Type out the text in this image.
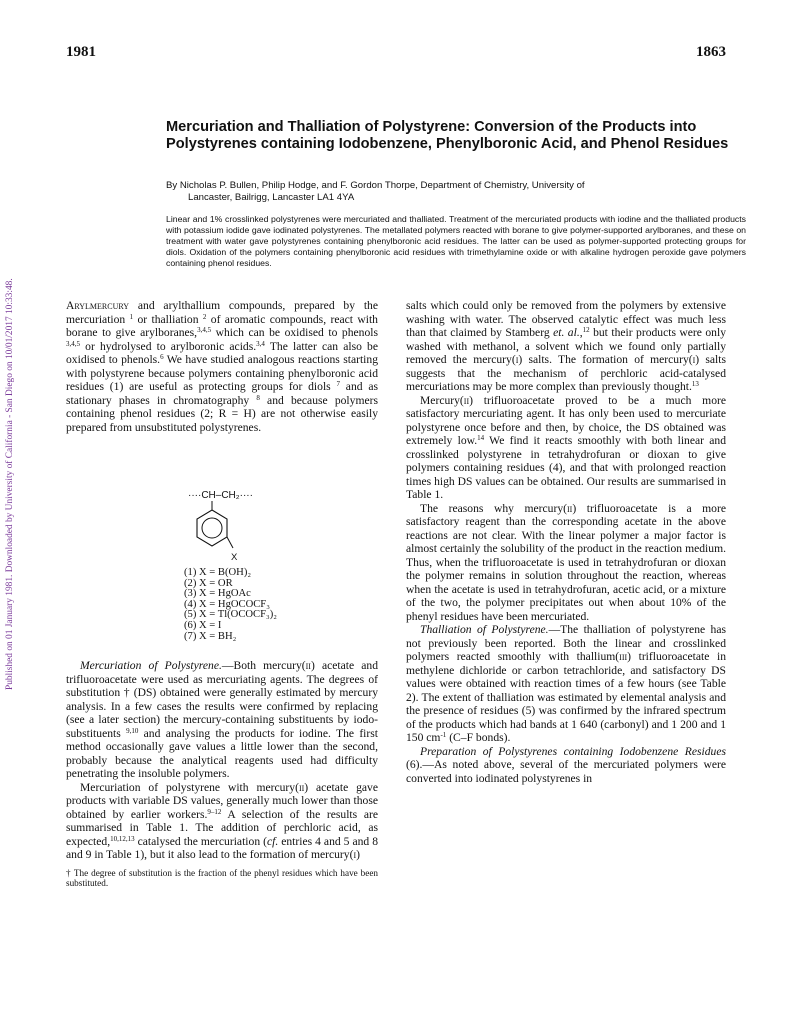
1981	1863
Published on 01 January 1981. Downloaded by University of California - San Diego on 10/01/2017 10:33:48.
Mercuriation and Thalliation of Polystyrene: Conversion of the Products into Polystyrenes containing Iodobenzene, Phenylboronic Acid, and Phenol Residues
By Nicholas P. Bullen, Philip Hodge, and F. Gordon Thorpe, Department of Chemistry, University of
Lancaster, Bailrigg, Lancaster LA1 4YA
Linear and 1% crosslinked polystyrenes were mercuriated and thalliated. Treatment of the mercuriated products with iodine and the thalliated products with potassium iodide gave iodinated polystyrenes. The metallated polymers reacted with borane to give polymer-supported arylboranes, and these on treatment with water gave polystyrenes containing phenylboronic acid residues. The latter can be used as polymer-supported protecting groups for diols. Oxidation of the polymers containing phenylboronic acid residues with trimethylamine oxide or with alkaline hydrogen peroxide gave polymers containing phenol residues.

Arylmercury and arylthallium compounds, prepared by the mercuriation $^1$ or thalliation $^2$ of aromatic compounds, react with borane to give arylboranes,$^{3,4,5}$ which can be oxidised to phenols $^{3,4,5}$ or hydrolysed to arylboronic acids.$^{3,4}$ The latter can also be oxidised to phenols.$^6$ We have studied analogous reactions starting with polystyrene because polymers containing phenylboronic acid residues (1) are useful as protecting groups for diols $^7$ and as stationary phases in chromatography $^8$ and because polymers containing phenol residues (2; R = H) are not otherwise easily prepared from unsubstituted polystyrenes.

····CH–CH₂····
X
(1) X = B(OH)₂
(2) X = OR
(3) X = HgOAc
(4) X = HgOCOCF₃
(5) X = Tl(OCOCF₃)₂
(6) X = I
(7) X = BH₂

Mercuriation of Polystyrene.—Both mercury(ii) acetate and trifluoroacetate were used as mercuriating agents. The degrees of substitution † (DS) obtained were generally estimated by mercury analysis. In a few cases the results were confirmed by replacing (see a later section) the mercury-containing substituents by iodo-substituents $^{9,10}$ and analysing the products for iodine. The first method occasionally gave values a little lower than the second, probably because the analytical reagents used had difficulty penetrating the insoluble polymers.

Mercuriation of polystyrene with mercury(ii) acetate gave products with variable DS values, generally much lower than those obtained by earlier workers.$^{9-12}$ A selection of the results are summarised in Table 1. The addition of perchloric acid, as expected,$^{10,12,13}$ catalysed the mercuriation (cf. entries 4 and 5 and 8 and 9 in Table 1), but it also lead to the formation of mercury(i)

† The degree of substitution is the fraction of the phenyl residues which have been substituted.

salts which could only be removed from the polymers by extensive washing with water. The observed catalytic effect was much less than that claimed by Stamberg et. al.,$^{12}$ but their products were only washed with methanol, a solvent which we found only partially removed the mercury(i) salts. The formation of mercury(i) salts suggests that the mechanism of perchloric acid-catalysed mercuriations may be more complex than previously thought.$^{13}$

Mercury(ii) trifluoroacetate proved to be a much more satisfactory mercuriating agent. It has only been used to mercuriate polystyrene once before and then, by choice, the DS obtained was extremely low.$^{14}$ We find it reacts smoothly with both linear and crosslinked polystyrene in tetrahydrofuran or dioxan to give polymers containing residues (4), and that with prolonged reaction times high DS values can be obtained. Our results are summarised in Table 1.

The reasons why mercury(ii) trifluoroacetate is a more satisfactory reagent than the corresponding acetate in the above reactions are not clear. With the linear polymer a major factor is almost certainly the solubility of the product in the reaction medium. Thus, when the trifluoroacetate is used in tetrahydrofuran or dioxan the polymer remains in solution throughout the reaction, whereas when the acetate is used in tetrahydrofuran, acetic acid, or a mixture of the two, the polymer precipitates out when about 10% of the phenyl residues have been mercuriated.

Thalliation of Polystyrene.—The thalliation of polystyrene has not previously been reported. Both the linear and crosslinked polymers reacted smoothly with thallium(iii) trifluoroacetate in methylene dichloride or carbon tetrachloride, and satisfactory DS values were obtained with reaction times of a few hours (see Table 2). The extent of thalliation was estimated by elemental analysis and the presence of residues (5) was confirmed by the infrared spectrum of the products which had bands at 1 640 (carbonyl) and 1 200 and 1 150 $cm^{-1}$ (C–F bonds).

Preparation of Polystyrenes containing Iodobenzene Residues (6).—As noted above, several of the mercuriated polymers were converted into iodinated polystyrenes in
